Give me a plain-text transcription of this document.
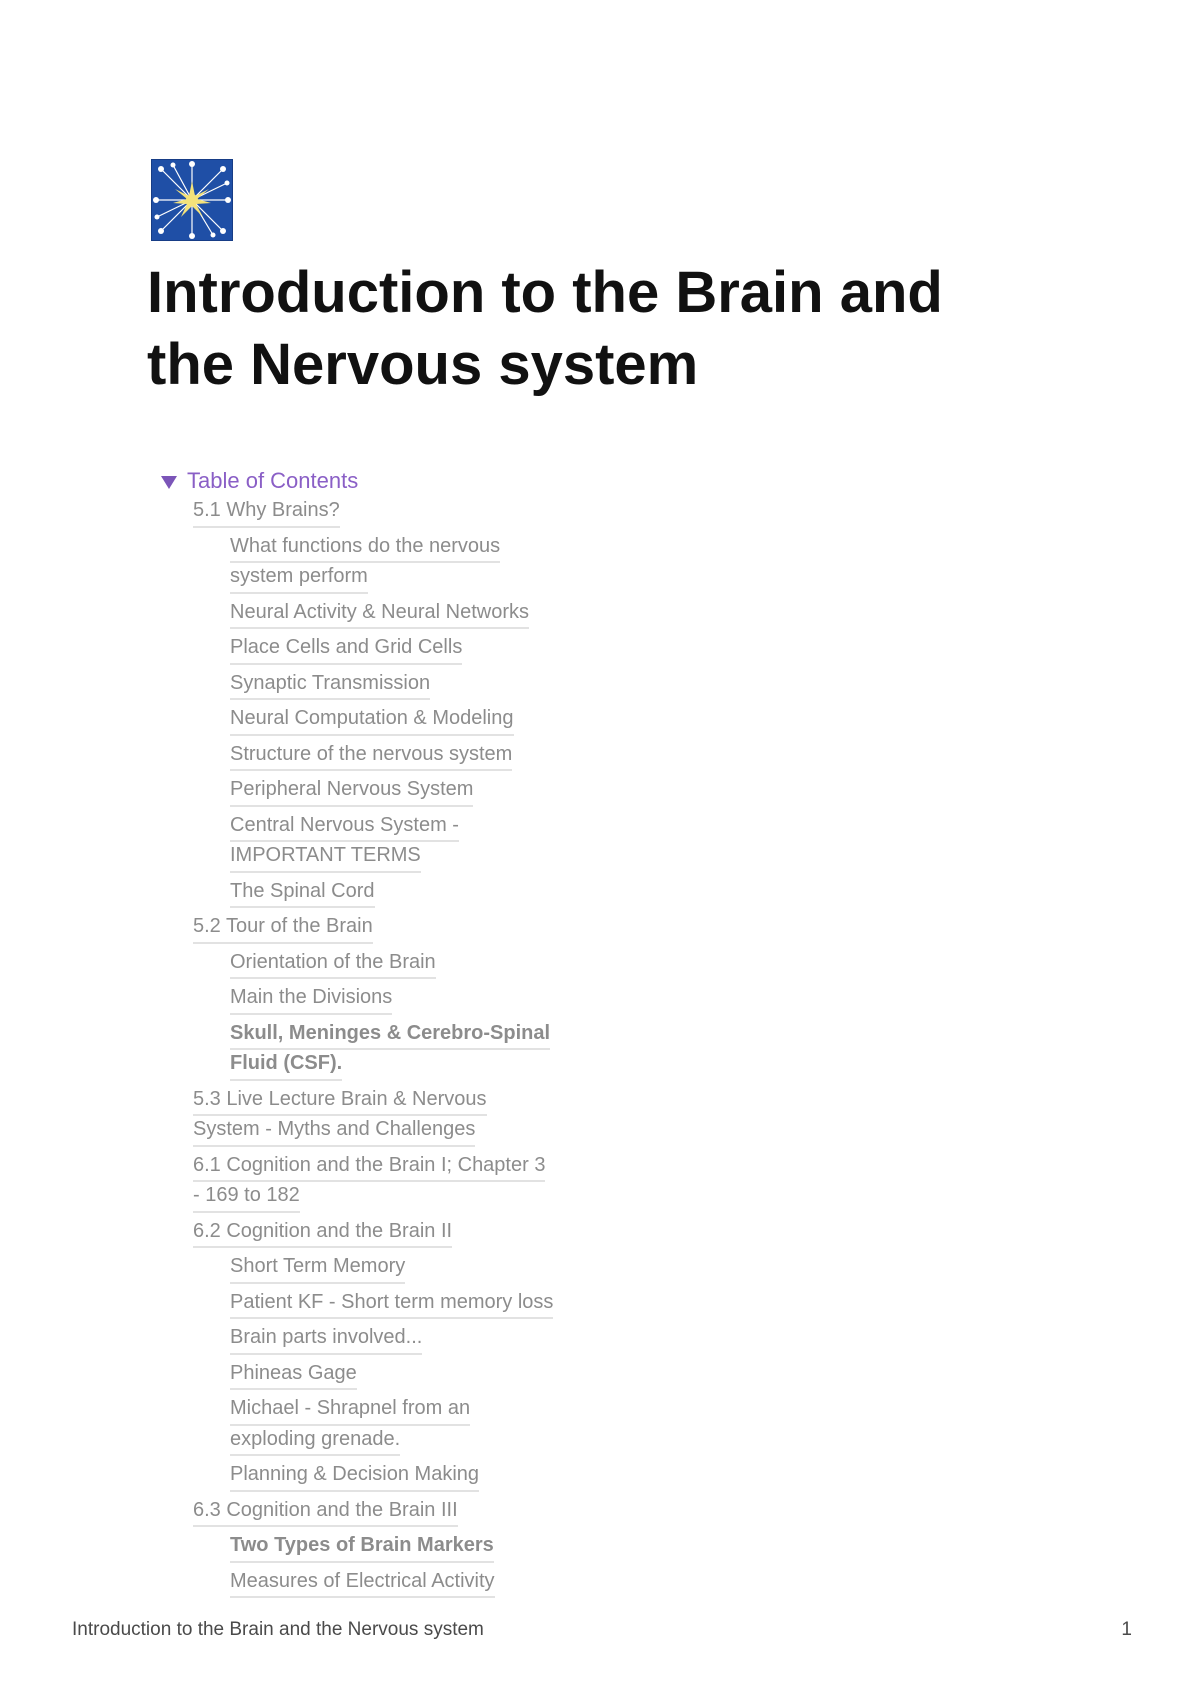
Introduction to the Brain and
the Nervous system
Table of Contents
5.1 Why Brains?

What functions do the nervous
system perform

Neural Activity & Neural Networks

Place Cells and Grid Cells

Synaptic Transmission

Neural Computation & Modeling

Structure of the nervous system

Peripheral Nervous System

Central Nervous System -
IMPORTANT TERMS

The Spinal Cord

5.2 Tour of the Brain

Orientation of the Brain

Main the Divisions

Skull, Meninges & Cerebro-Spinal
Fluid (CSF).

5.3 Live Lecture Brain & Nervous
System - Myths and Challenges

6.1 Cognition and the Brain I; Chapter 3
- 169 to 182

6.2 Cognition and the Brain II

Short Term Memory

Patient KF - Short term memory loss

Brain parts involved...

Phineas Gage

Michael - Shrapnel from an
exploding grenade.

Planning & Decision Making

6.3 Cognition and the Brain III

Two Types of Brain Markers

Measures of Electrical Activity

Introduction to the Brain and the Nervous system	1
